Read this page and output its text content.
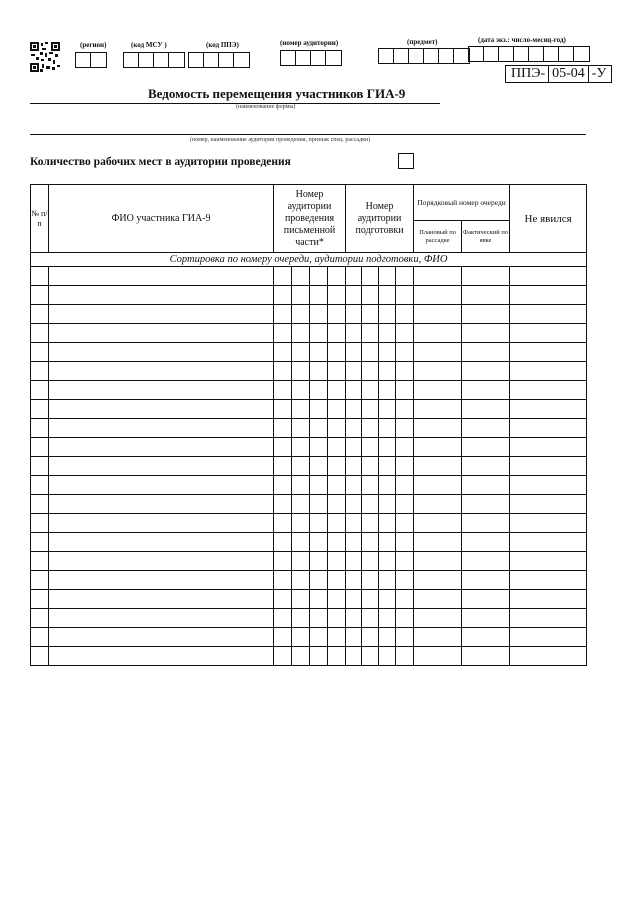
(регион)	(код МСУ )	(код ППЭ)	(номер аудитории)	(предмет)	(дата экз.: число-месяц-год)
ППЭ- 05-04 -У
Ведомость перемещения участников ГИА-9
(наименование формы)
(номер, наименование аудитории проведения, признак спец. рассадки)
Количество рабочих мест в аудитории проведения
№ п/п	ФИО участника ГИА-9	Номер аудитории проведения письменной части*				Номер аудитории подготовки				Порядковый номер очереди		Не явился
										Плановый по рассадке	Фактический по явке	
Сортировка по номеру очереди, аудитории подготовки, ФИО												
